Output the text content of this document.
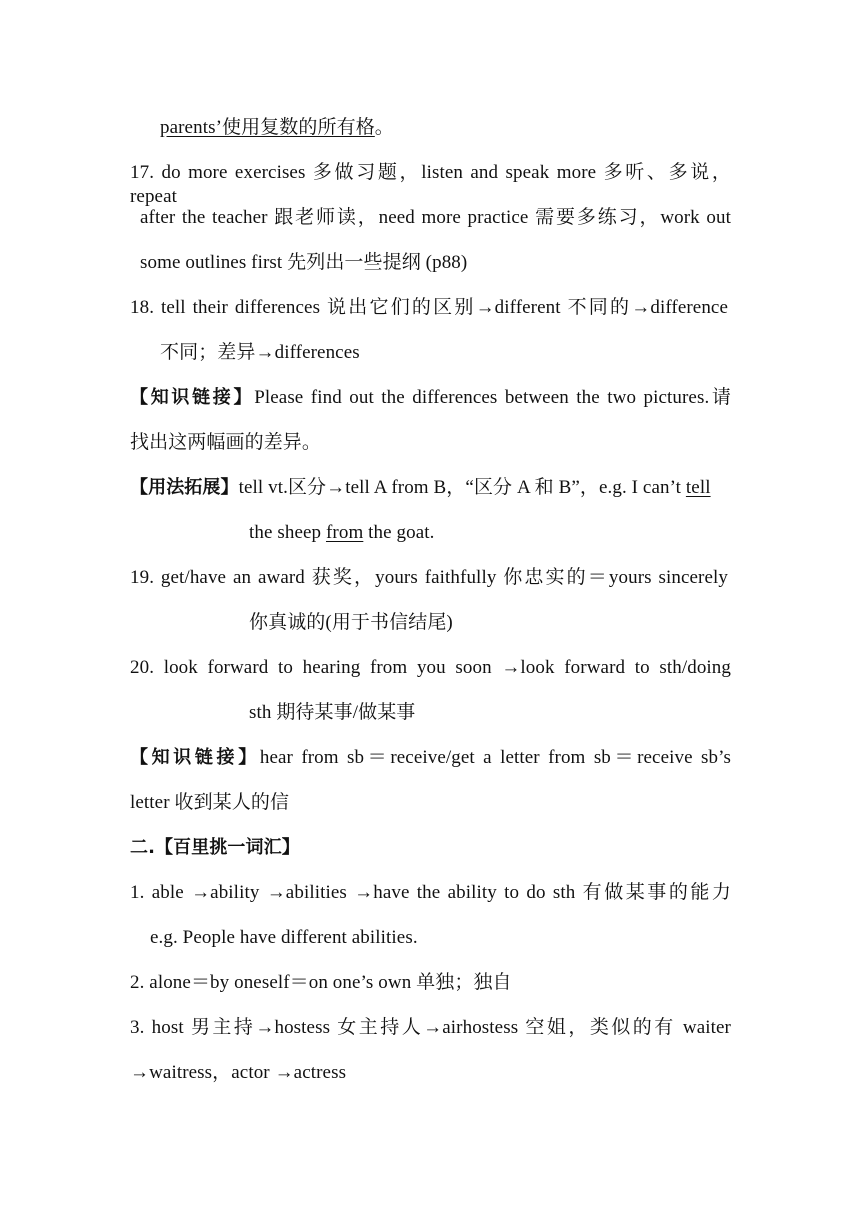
parents’使用复数的所有格。
17. do more exercises 多做习题，listen and speak more 多听、多说，repeat
after the teacher 跟老师读，need more practice 需要多练习，work out
some outlines first 先列出一些提纲 (p88)
18. tell their differences 说出它们的区别→different 不同的→difference
不同；差异→differences
【知识链接】Please find out the differences between the two pictures.请
找出这两幅画的差异。
【用法拓展】tell vt.区分→tell A from B，“区分 A 和 B”，e.g. I can’t tell
the sheep from the goat.
19. get/have an award 获奖，yours faithfully 你忠实的＝yours sincerely
你真诚的(用于书信结尾)
20. look forward to hearing from you soon →look forward to sth/doing
sth 期待某事/做某事
【知识链接】hear from sb＝receive/get a letter from sb＝receive sb’s
letter 收到某人的信
二.【百里挑一词汇】
1. able →ability →abilities →have the ability to do sth 有做某事的能力
e.g. People have different abilities.
2. alone＝by oneself＝on one’s own 单独；独自
3. host 男主持→hostess 女主持人→airhostess 空姐，类似的有 waiter
→waitress，actor →actress
